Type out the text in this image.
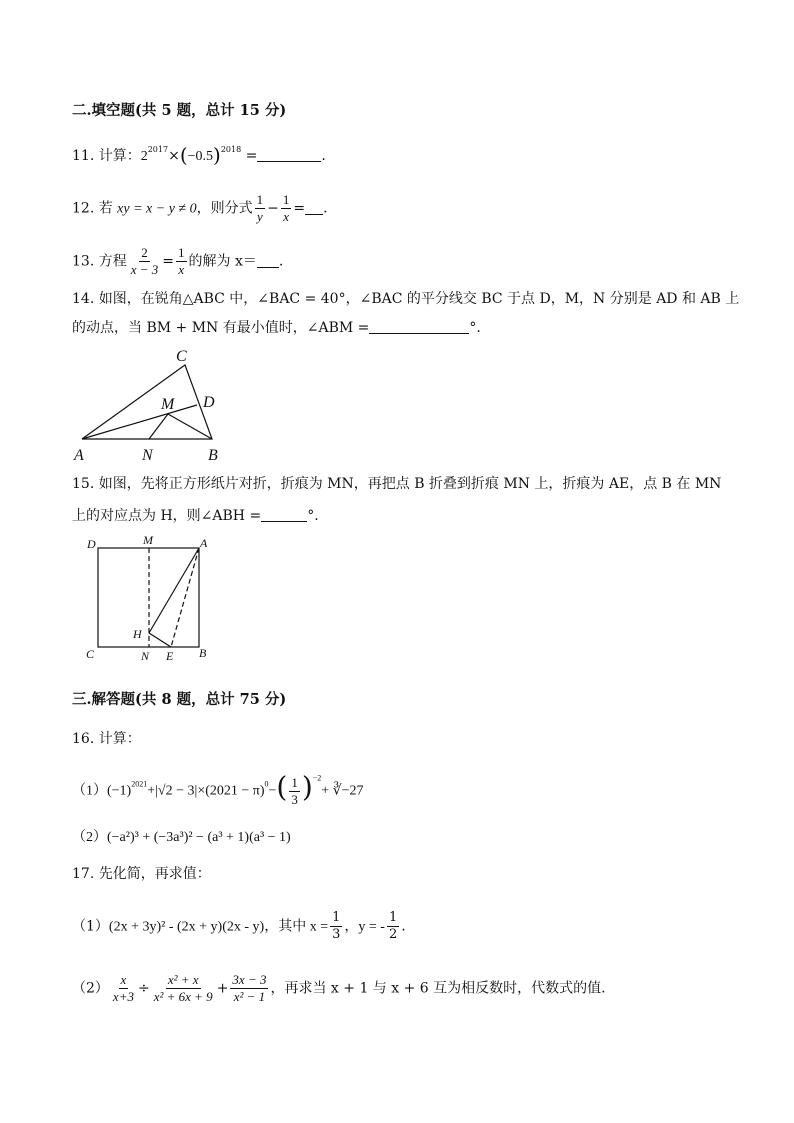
二.填空题(共 5 题，总计 15 分)
11. 计算：$2^{2017}\times(-0.5)^{2018}$ =	.
12. 若 xy = x − y ≠ 0，则分式 $\frac{1}{y} - \frac{1}{x}$ = .
13. 方程 $\frac{2}{x - 3} = \frac{1}{x}$ 的解为 x＝ .
14. 如图，在锐角△ABC 中，∠BAC = 40°，∠BAC 的平分线交 BC 于点 D，M，N 分别是 AD 和 AB 上
的动点，当 BM + MN 有最小值时，∠ABM =	°.
A	B
C
D
M
N
15. 如图，先将正方形纸片对折，折痕为 MN，再把点 B 折叠到折痕 MN 上，折痕为 AE，点 B 在 MN
上的对应点为 H，则∠ABH =	°.
D	M	A
H
C	N E B
三.解答题(共 8 题，总计 75 分)
16. 计算：
$(1)(-1)^{2021}+|√2 - 3|\times(2021 - \pi)^0-( \frac{1}{3} )^{-2}+$ ∛−27
（2）(−a²)³ + (−3a³)² − (a³ + 1)(a³ − 1)
17. 先化简，再求值：
（1）(2x + 3y)² - (2x + y)(2x - y)，其中 $x = \frac{1}{3}$ ，y = - $\frac{1}{2}$ .
$(2) \frac{x}{x+3} \div \frac{\text{x² + x}}{\text{x² + 6x + 9}} + \frac{3x - 3}{\text{x² − 1}}$ ，再求当 x + 1 与 x + 6 互为相反数时，代数式的值.
